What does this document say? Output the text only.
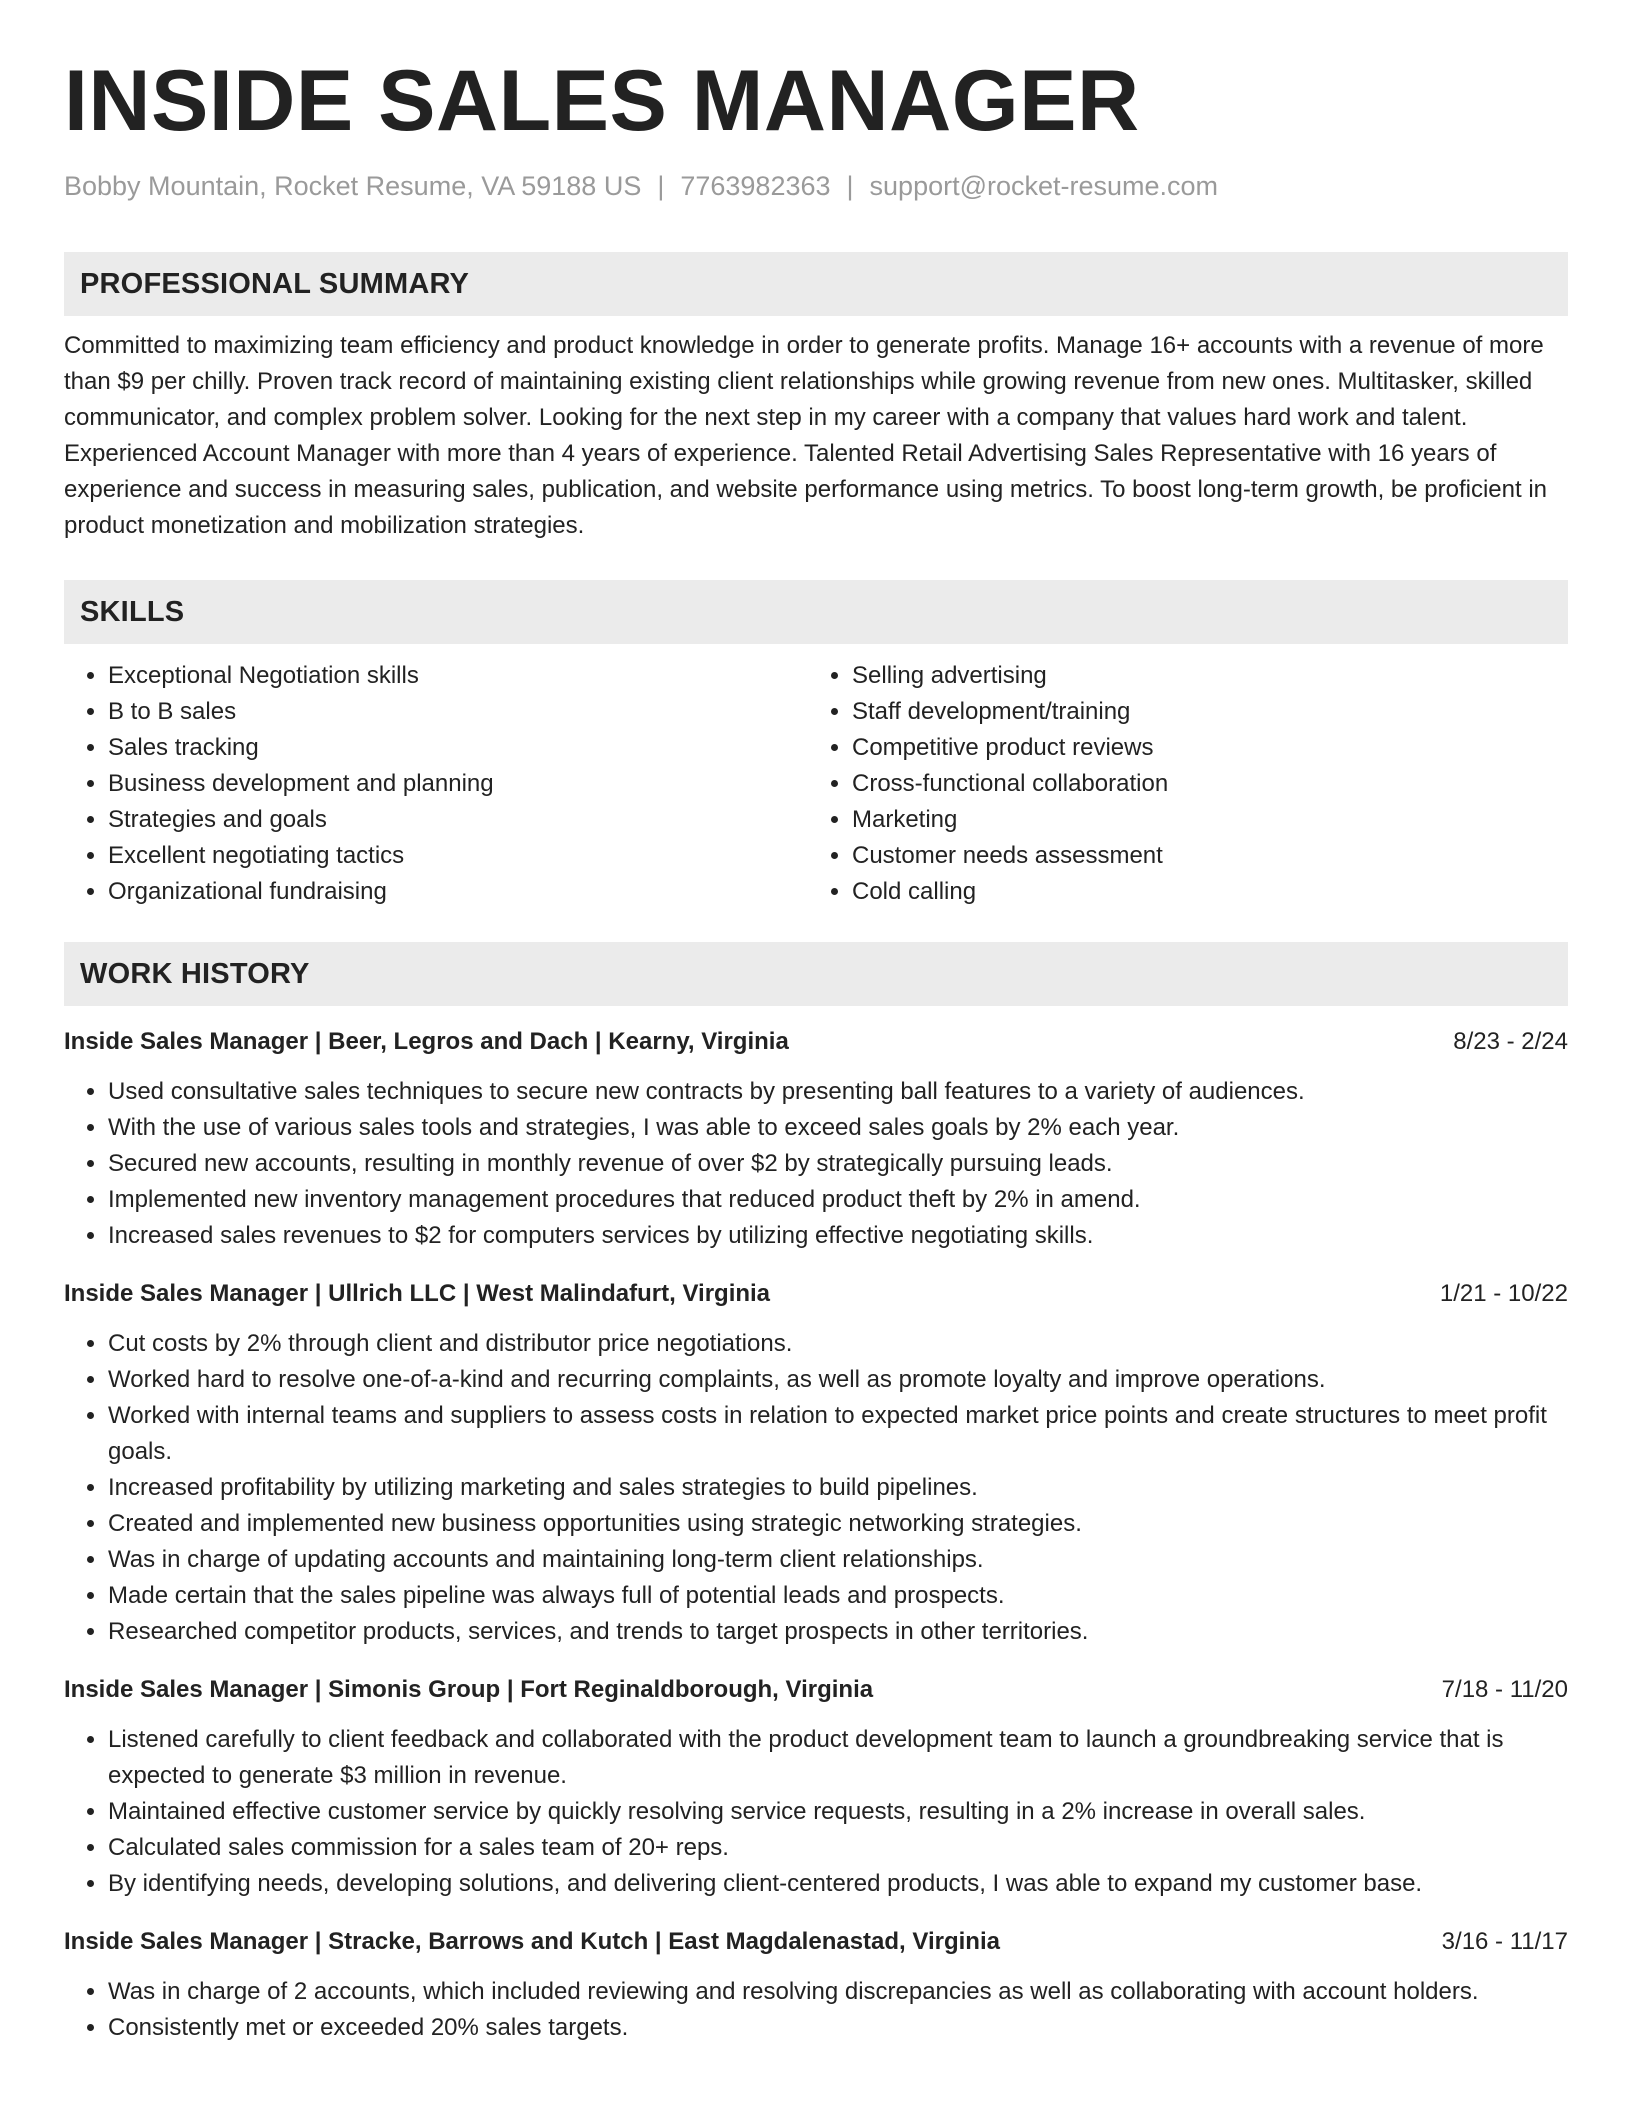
INSIDE SALES MANAGER
Bobby Mountain, Rocket Resume, VA 59188 US | 7763982363 | support@rocket-resume.com
PROFESSIONAL SUMMARY
Committed to maximizing team efficiency and product knowledge in order to generate profits. Manage 16+ accounts with a revenue of more than $9 per chilly. Proven track record of maintaining existing client relationships while growing revenue from new ones. Multitasker, skilled communicator, and complex problem solver. Looking for the next step in my career with a company that values hard work and talent. Experienced Account Manager with more than 4 years of experience. Talented Retail Advertising Sales Representative with 16 years of experience and success in measuring sales, publication, and website performance using metrics. To boost long-term growth, be proficient in product monetization and mobilization strategies.
SKILLS
• Exceptional Negotiation skills
• B to B sales
• Sales tracking
• Business development and planning
• Strategies and goals
• Excellent negotiating tactics
• Organizational fundraising
• Selling advertising
• Staff development/training
• Competitive product reviews
• Cross-functional collaboration
• Marketing
• Customer needs assessment
• Cold calling
WORK HISTORY
Inside Sales Manager | Beer, Legros and Dach | Kearny, Virginia	8/23 - 2/24
• Used consultative sales techniques to secure new contracts by presenting ball features to a variety of audiences.
• With the use of various sales tools and strategies, I was able to exceed sales goals by 2% each year.
• Secured new accounts, resulting in monthly revenue of over $2 by strategically pursuing leads.
• Implemented new inventory management procedures that reduced product theft by 2% in amend.
• Increased sales revenues to $2 for computers services by utilizing effective negotiating skills.
Inside Sales Manager | Ullrich LLC | West Malindafurt, Virginia	1/21 - 10/22
• Cut costs by 2% through client and distributor price negotiations.
• Worked hard to resolve one-of-a-kind and recurring complaints, as well as promote loyalty and improve operations.
• Worked with internal teams and suppliers to assess costs in relation to expected market price points and create structures to meet profit goals.
• Increased profitability by utilizing marketing and sales strategies to build pipelines.
• Created and implemented new business opportunities using strategic networking strategies.
• Was in charge of updating accounts and maintaining long-term client relationships.
• Made certain that the sales pipeline was always full of potential leads and prospects.
• Researched competitor products, services, and trends to target prospects in other territories.
Inside Sales Manager | Simonis Group | Fort Reginaldborough, Virginia	7/18 - 11/20
• Listened carefully to client feedback and collaborated with the product development team to launch a groundbreaking service that is expected to generate $3 million in revenue.
• Maintained effective customer service by quickly resolving service requests, resulting in a 2% increase in overall sales.
• Calculated sales commission for a sales team of 20+ reps.
• By identifying needs, developing solutions, and delivering client-centered products, I was able to expand my customer base.
Inside Sales Manager | Stracke, Barrows and Kutch | East Magdalenastad, Virginia	3/16 - 11/17
• Was in charge of 2 accounts, which included reviewing and resolving discrepancies as well as collaborating with account holders.
• Consistently met or exceeded 20% sales targets.
